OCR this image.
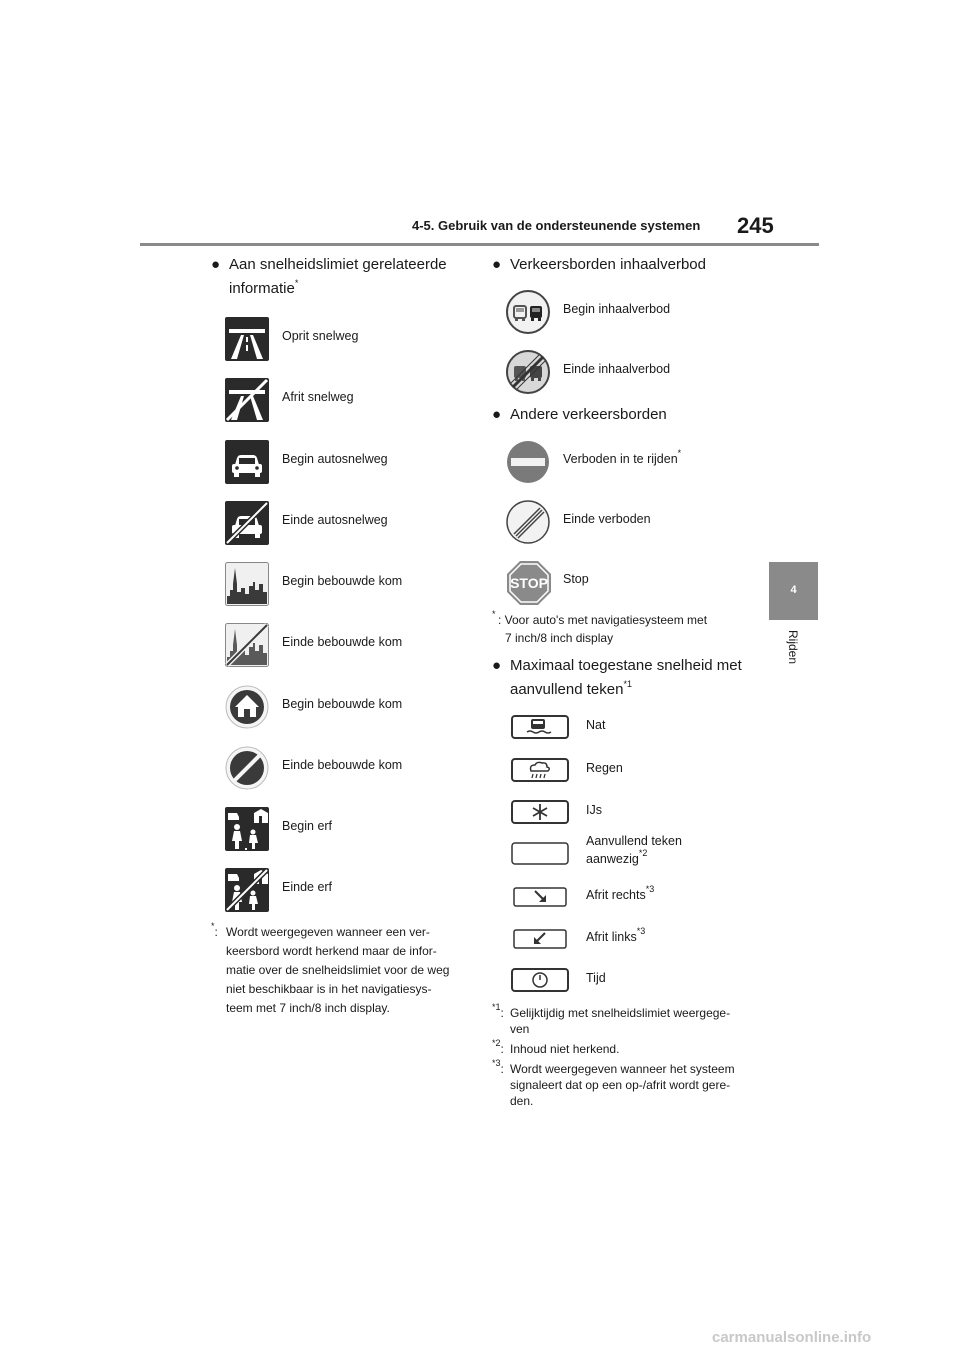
4-5. Gebruik van de ondersteunende systemen 245
4
Rijden
● Aan snelheidslimiet gerelateerde
informatie*
Oprit snelweg
Afrit snelweg
Begin autosnelweg
Einde autosnelweg
Begin bebouwde kom
Einde bebouwde kom
Begin bebouwde kom
Einde bebouwde kom
Begin erf
Einde erf
*: Wordt weergegeven wanneer een ver-
keersbord wordt herkend maar de infor-
matie over de snelheidslimiet voor de weg
niet beschikbaar is in het navigatiesys-
teem met 7 inch/8 inch display.
● Verkeersborden inhaalverbod
Begin inhaalverbod
Einde inhaalverbod
● Andere verkeersborden
Verboden in te rijden*
Einde verboden
STOP Stop
* : Voor auto's met navigatiesysteem met
7 inch/8 inch display
● Maximaal toegestane snelheid met
aanvullend teken$^{*1}$
Nat
Regen
IJs
Aanvullend teken
aanwezig$^{*2}$
Afrit rechts$^{*3}$
Afrit links$^{*3}$
Tijd
$^{*1}$: Gelijktijdig met snelheidslimiet weergege-
ven
$^{*2}$: Inhoud niet herkend.
$^{*3}$: Wordt weergegeven wanneer het systeem
signaleert dat op een op-/afrit wordt gere-
den.
carmanualsonline.info
